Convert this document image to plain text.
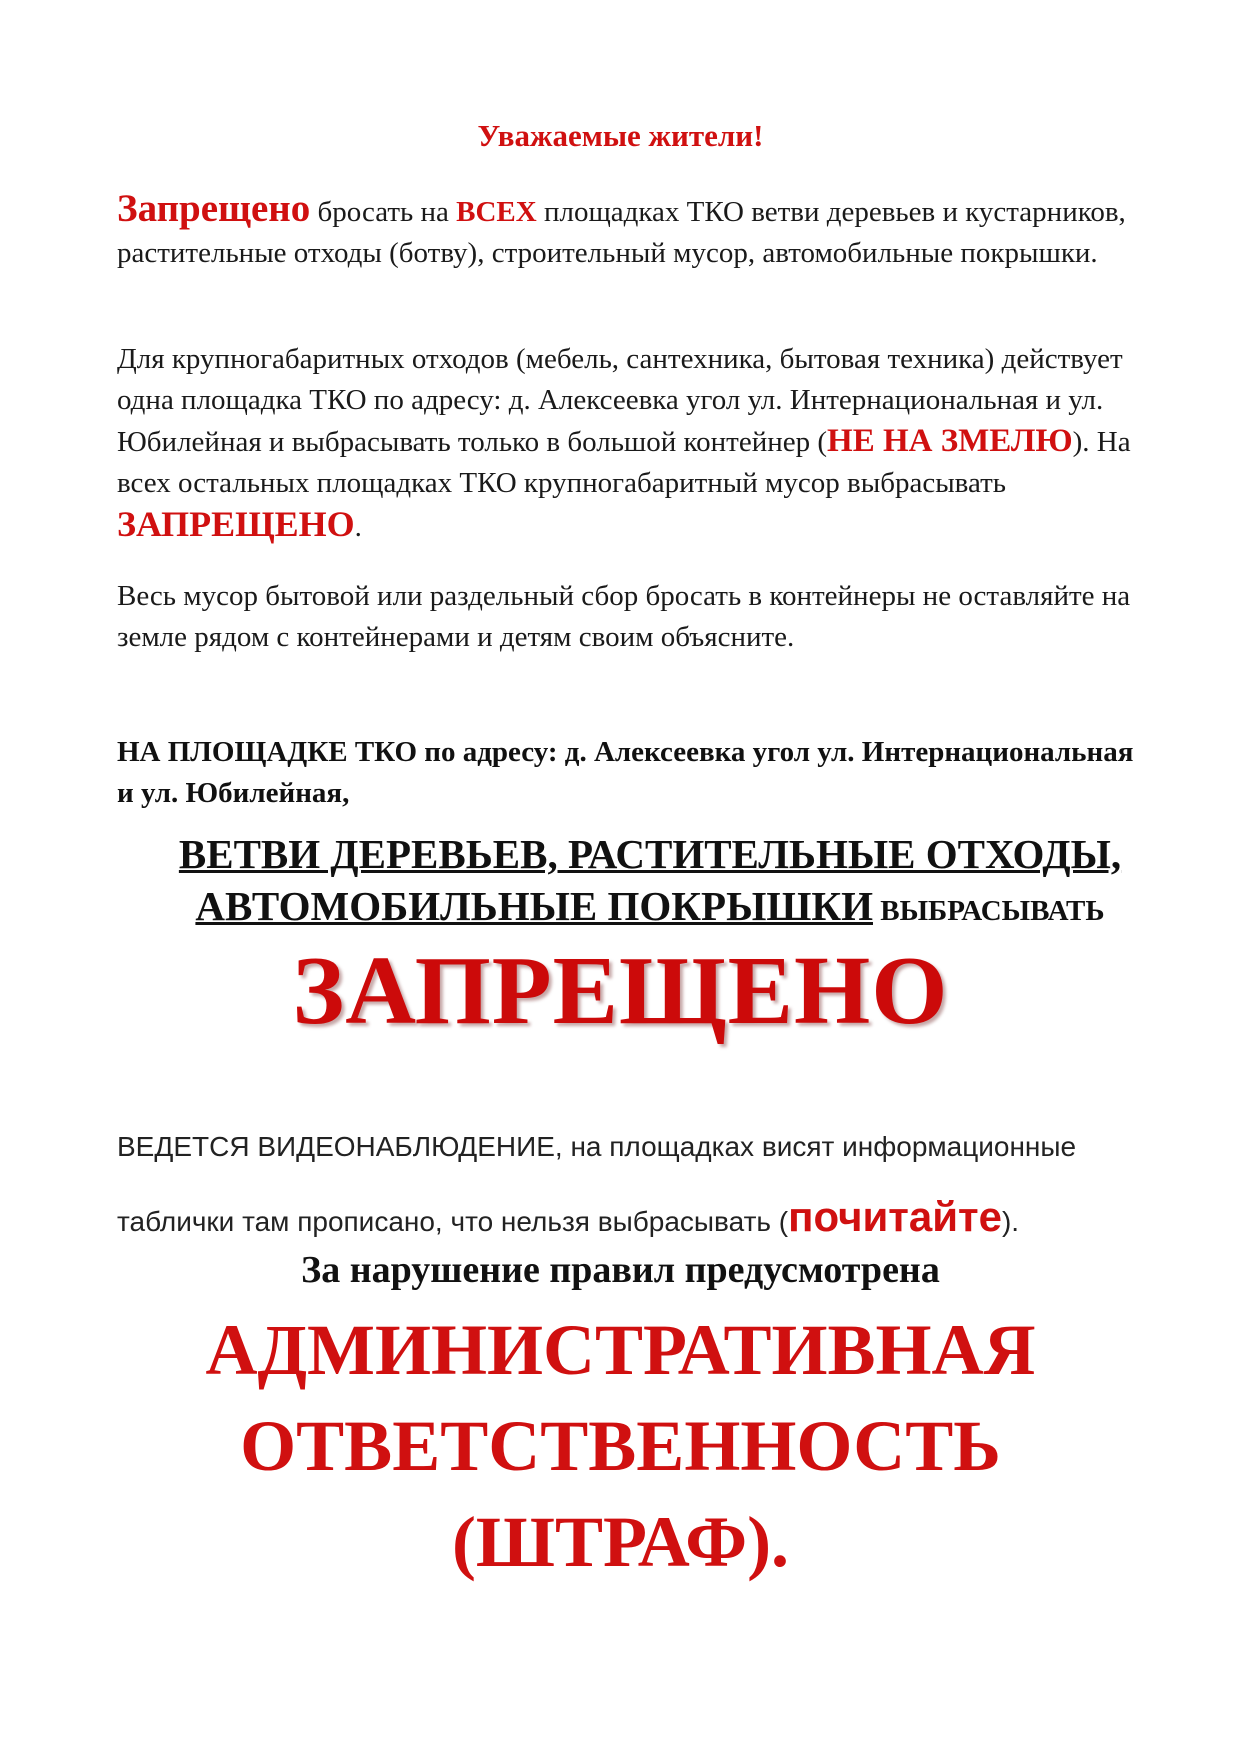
Уважаемые жители!

Запрещено бросать на ВСЕХ площадках ТКО ветви деревьев и кустарников, растительные отходы (ботву), строительный мусор, автомобильные покрышки.

Для крупногабаритных отходов (мебель, сантехника, бытовая техника) действует одна площадка ТКО по адресу: д. Алексеевка угол ул. Интернациональная и ул. Юбилейная и выбрасывать только в большой контейнер (НЕ НА ЗМЕЛЮ). На всех остальных площадках ТКО крупногабаритный мусор выбрасывать ЗАПРЕЩЕНО.

Весь мусор бытовой или раздельный сбор бросать в контейнеры не оставляйте на земле рядом с контейнерами и детям своим объясните.

НА ПЛОЩАДКЕ ТКО по адресу: д. Алексеевка угол ул. Интернациональная и ул. Юбилейная,

ВЕТВИ ДЕРЕВЬЕВ, РАСТИТЕЛЬНЫЕ ОТХОДЫ,
АВТОМОБИЛЬНЫЕ ПОКРЫШКИ ВЫБРАСЫВАТЬ
ЗАПРЕЩЕНО

ВЕДЕТСЯ ВИДЕОНАБЛЮДЕНИЕ, на площадках висят информационные таблички там прописано, что нельзя выбрасывать (почитайте).

За нарушение правил предусмотрена
АДМИНИСТРАТИВНАЯ
ОТВЕТСТВЕННОСТЬ
(ШТРАФ).
